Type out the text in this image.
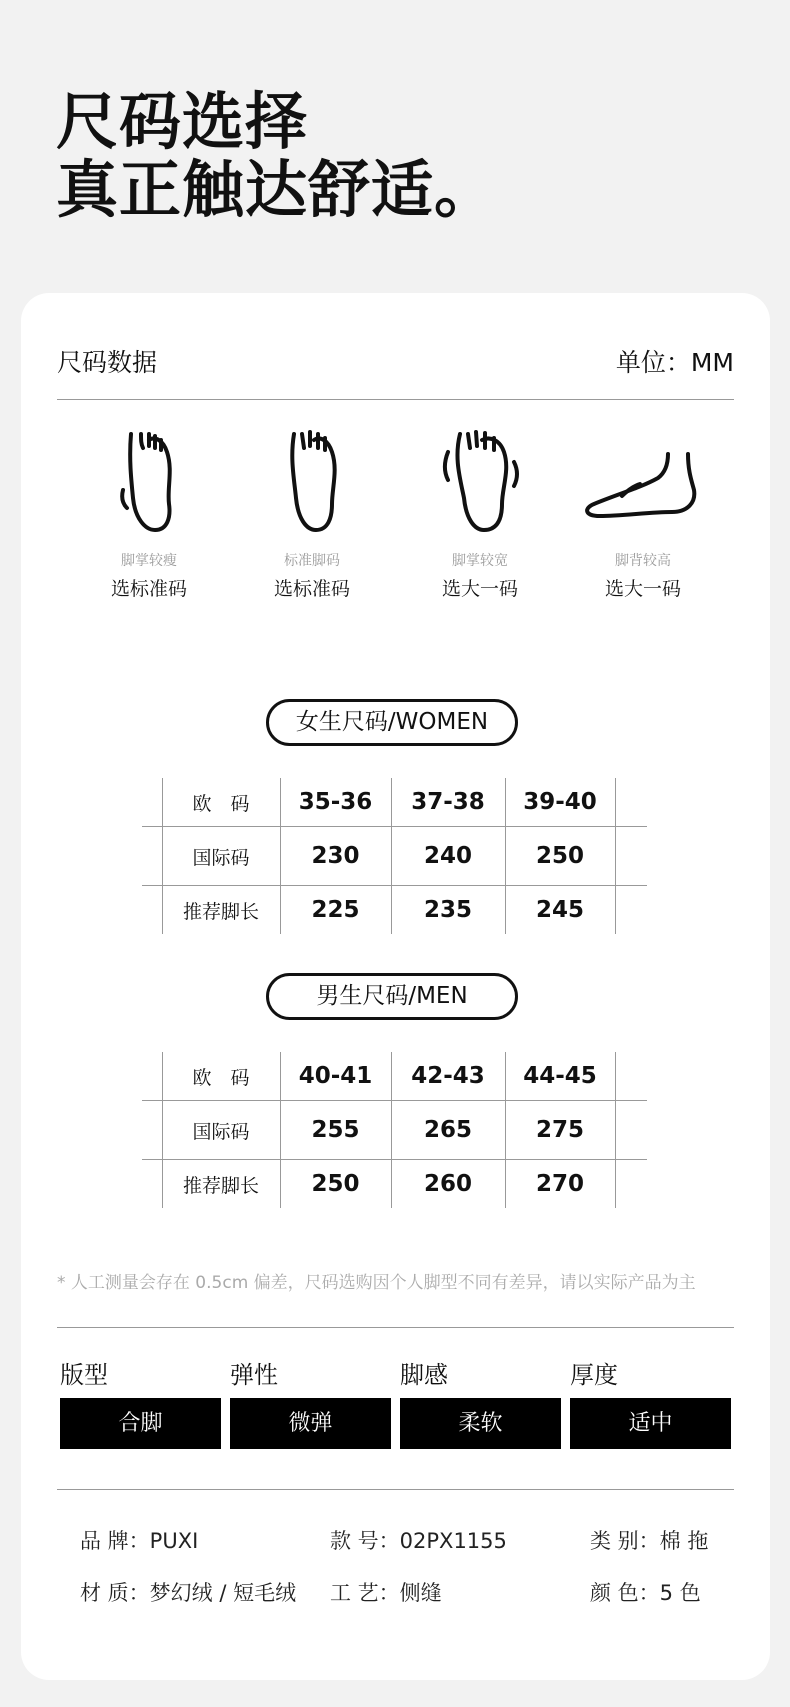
尺码选择
真正触达舒适。
尺码数据	单位：MM
脚掌较瘦
选标准码
标准脚码
选标准码
脚掌较宽
选大一码
脚背较高
选大一码
女生尺码/WOMEN
欧　码	35-36	37-38	39-40
国际码	230	240	250
推荐脚长	225	235	245
男生尺码/MEN
欧　码	40-41	42-43	44-45
国际码	255	265	275
推荐脚长	250	260	270
* 人工测量会存在 0.5cm 偏差，尺码选购因个人脚型不同有差异，请以实际产品为主
版型
合脚
弹性
微弹
脚感
柔软
厚度
适中
品 牌：PUXI	款 号：02PX1155	类 别：棉 拖
材 质：梦幻绒 / 短毛绒 工 艺：侧缝	颜 色：5 色
